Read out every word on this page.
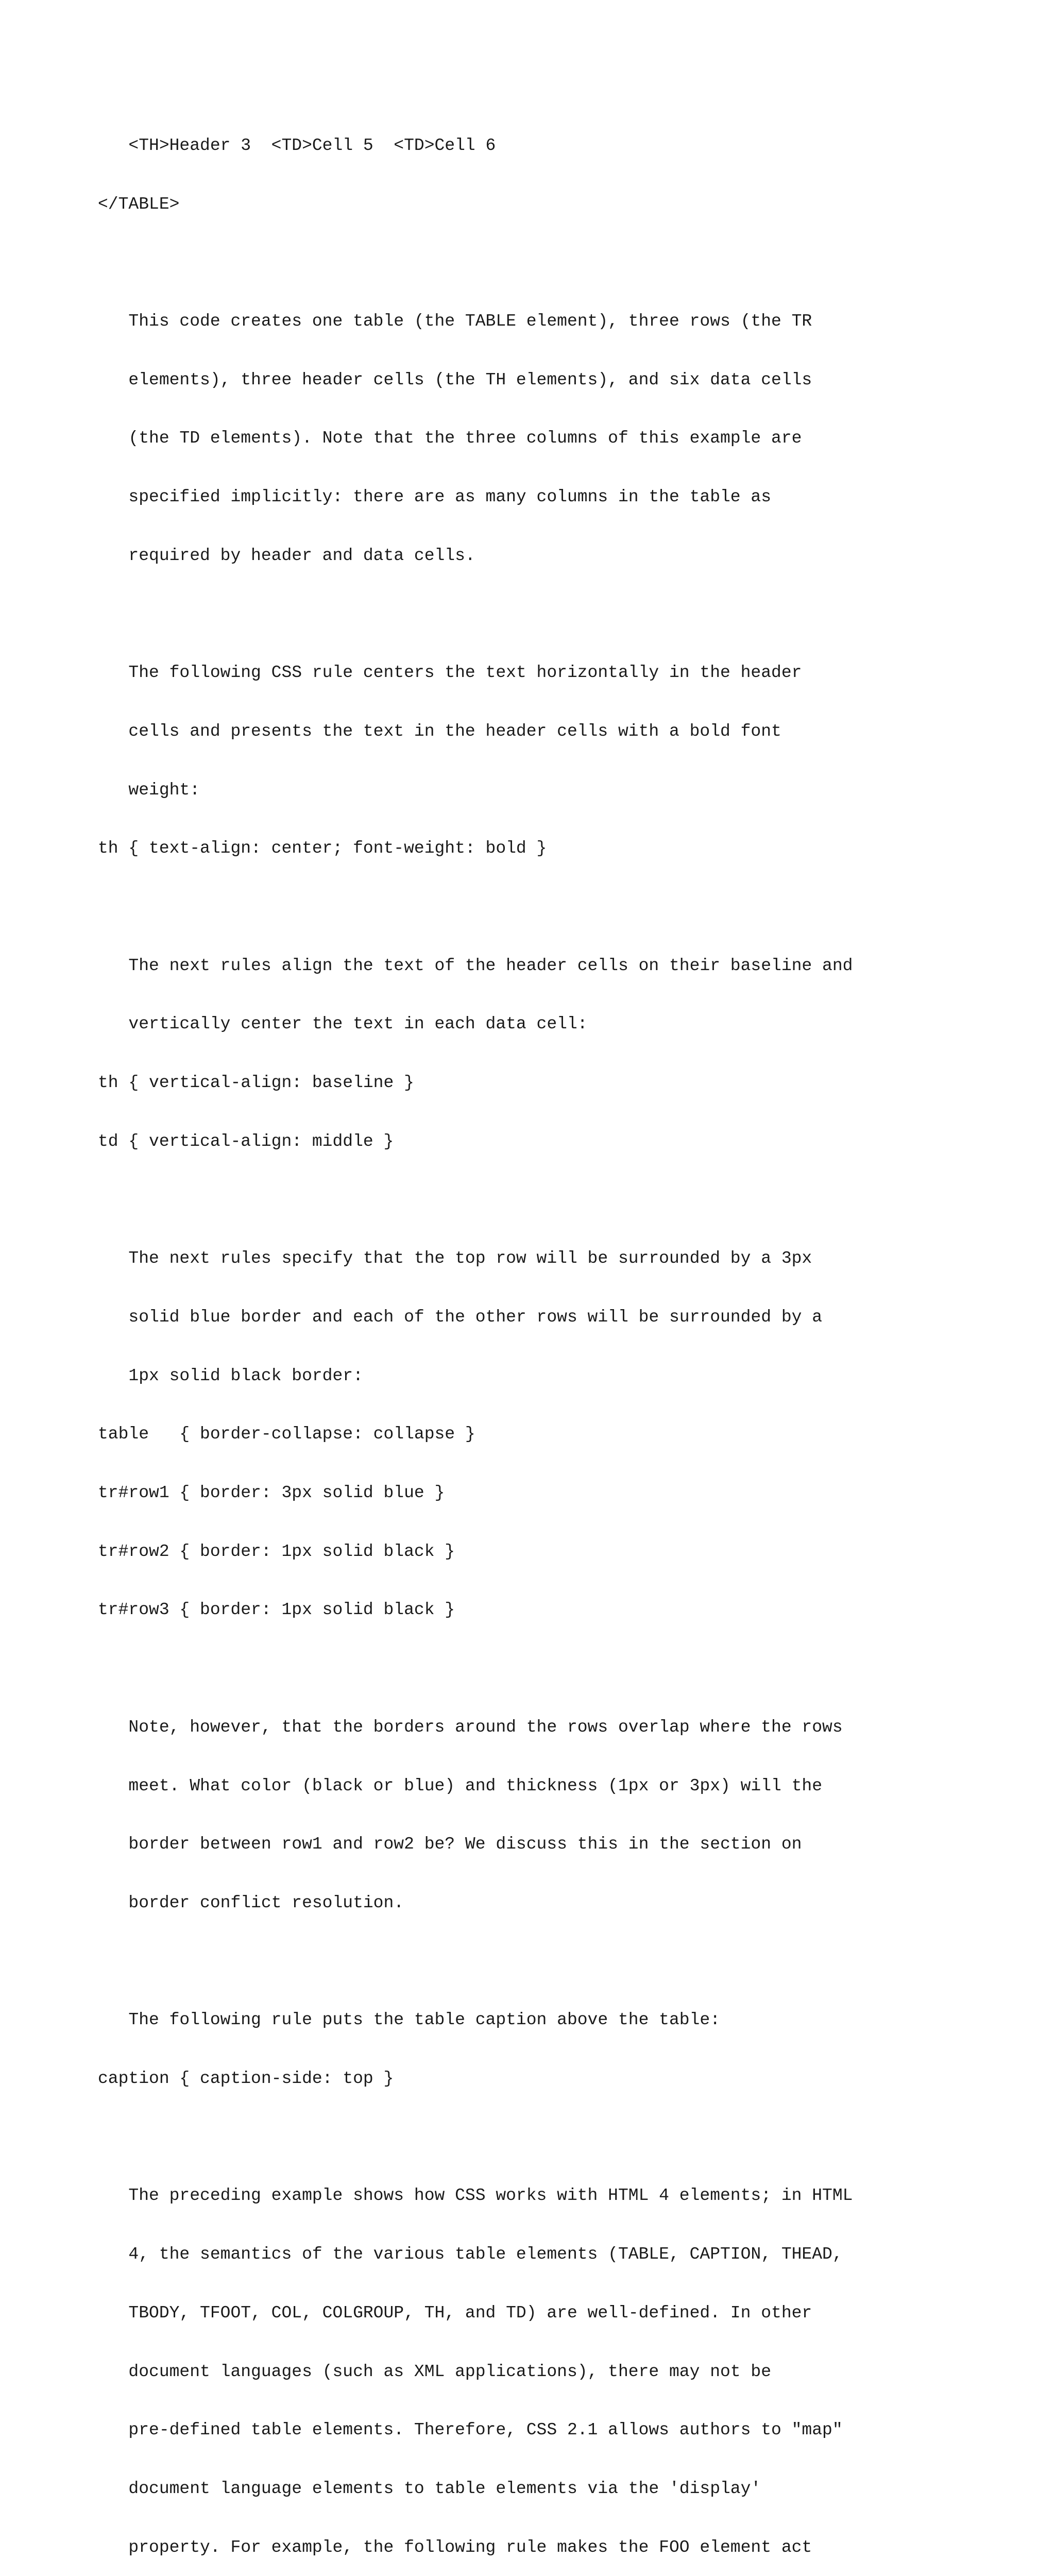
<TH>Header 3  <TD>Cell 5  <TD>Cell 6

</TABLE>

This code creates one table (the TABLE element), three rows (the TR

elements), three header cells (the TH elements), and six data cells

(the TD elements). Note that the three columns of this example are

specified implicitly: there are as many columns in the table as

required by header and data cells.

The following CSS rule centers the text horizontally in the header

cells and presents the text in the header cells with a bold font

weight:

th { text-align: center; font-weight: bold }

The next rules align the text of the header cells on their baseline and

vertically center the text in each data cell:

th { vertical-align: baseline }

td { vertical-align: middle }

The next rules specify that the top row will be surrounded by a 3px

solid blue border and each of the other rows will be surrounded by a

1px solid black border:

table   { border-collapse: collapse }

tr#row1 { border: 3px solid blue }

tr#row2 { border: 1px solid black }

tr#row3 { border: 1px solid black }

Note, however, that the borders around the rows overlap where the rows

meet. What color (black or blue) and thickness (1px or 3px) will the

border between row1 and row2 be? We discuss this in the section on

border conflict resolution.

The following rule puts the table caption above the table:

caption { caption-side: top }

The preceding example shows how CSS works with HTML 4 elements; in HTML

4, the semantics of the various table elements (TABLE, CAPTION, THEAD,

TBODY, TFOOT, COL, COLGROUP, TH, and TD) are well-defined. In other

document languages (such as XML applications), there may not be

pre-defined table elements. Therefore, CSS 2.1 allows authors to "map"

document language elements to table elements via the 'display'

property. For example, the following rule makes the FOO element act
